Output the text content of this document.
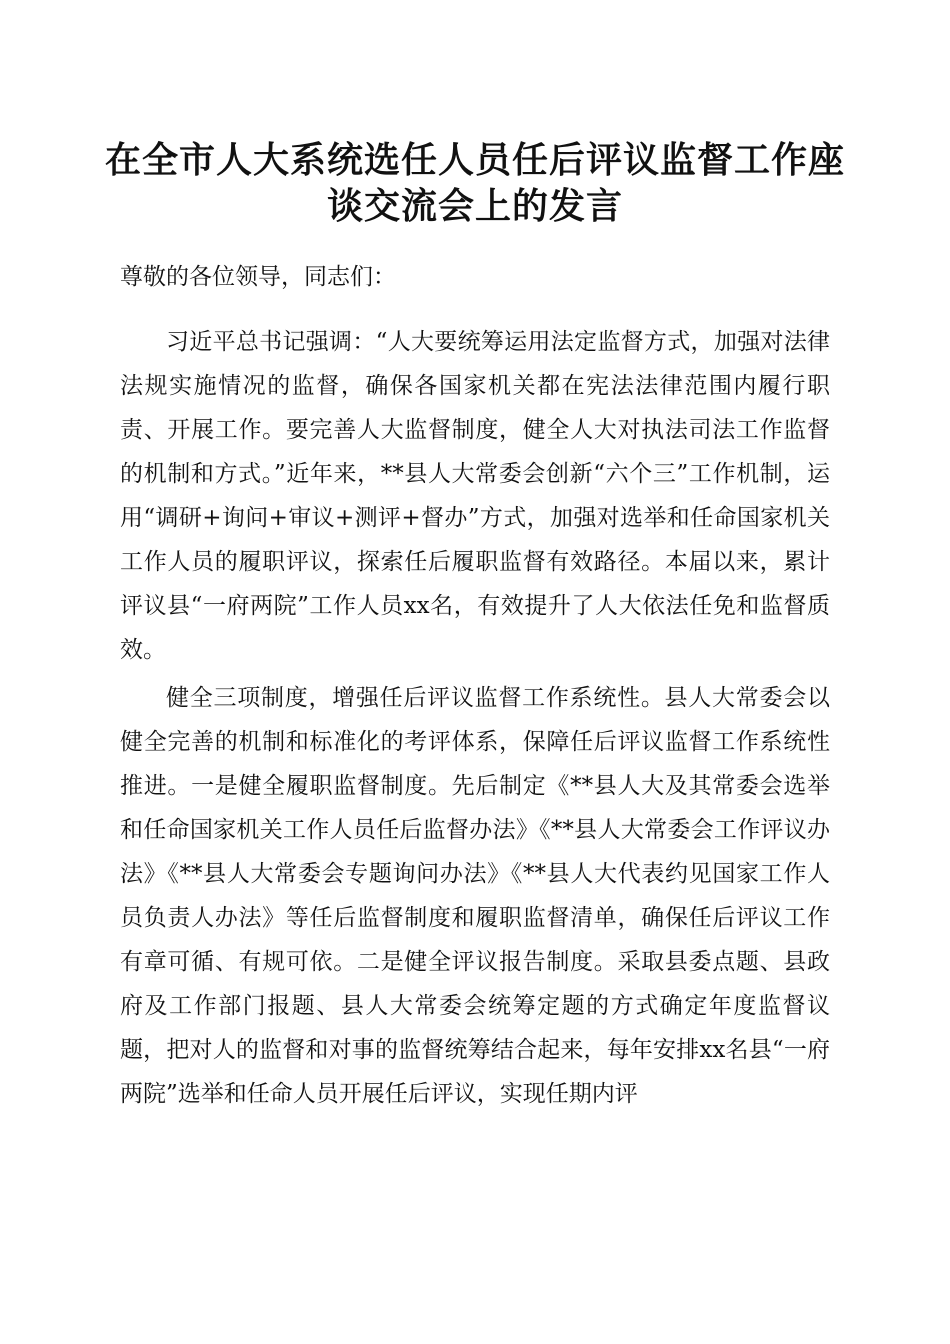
在全市人大系统选任人员任后评议监督工作座
谈交流会上的发言

尊敬的各位领导，同志们：

习近平总书记强调：“人大要统筹运用法定监督方式，加强对法律法规实施情况的监督，确保各国家机关都在宪法法律范围内履行职责、开展工作。要完善人大监督制度，健全人大对执法司法工作监督的机制和方式。”近年来，**县人大常委会创新“六个三”工作机制，运用“调研+询问+审议+测评+督办”方式，加强对选举和任命国家机关工作人员的履职评议，探索任后履职监督有效路径。本届以来，累计评议县“一府两院”工作人员xx名，有效提升了人大依法任免和监督质效。

健全三项制度，增强任后评议监督工作系统性。县人大常委会以健全完善的机制和标准化的考评体系，保障任后评议监督工作系统性推进。一是健全履职监督制度。先后制定《**县人大及其常委会选举和任命国家机关工作人员任后监督办法》《**县人大常委会工作评议办法》《**县人大常委会专题询问办法》《**县人大代表约见国家工作人员负责人办法》等任后监督制度和履职监督清单，确保任后评议工作有章可循、有规可依。二是健全评议报告制度。采取县委点题、县政府及工作部门报题、县人大常委会统筹定题的方式确定年度监督议题，把对人的监督和对事的监督统筹结合起来，每年安排xx名县“一府两院”选举和任命人员开展任后评议，实现任期内评
